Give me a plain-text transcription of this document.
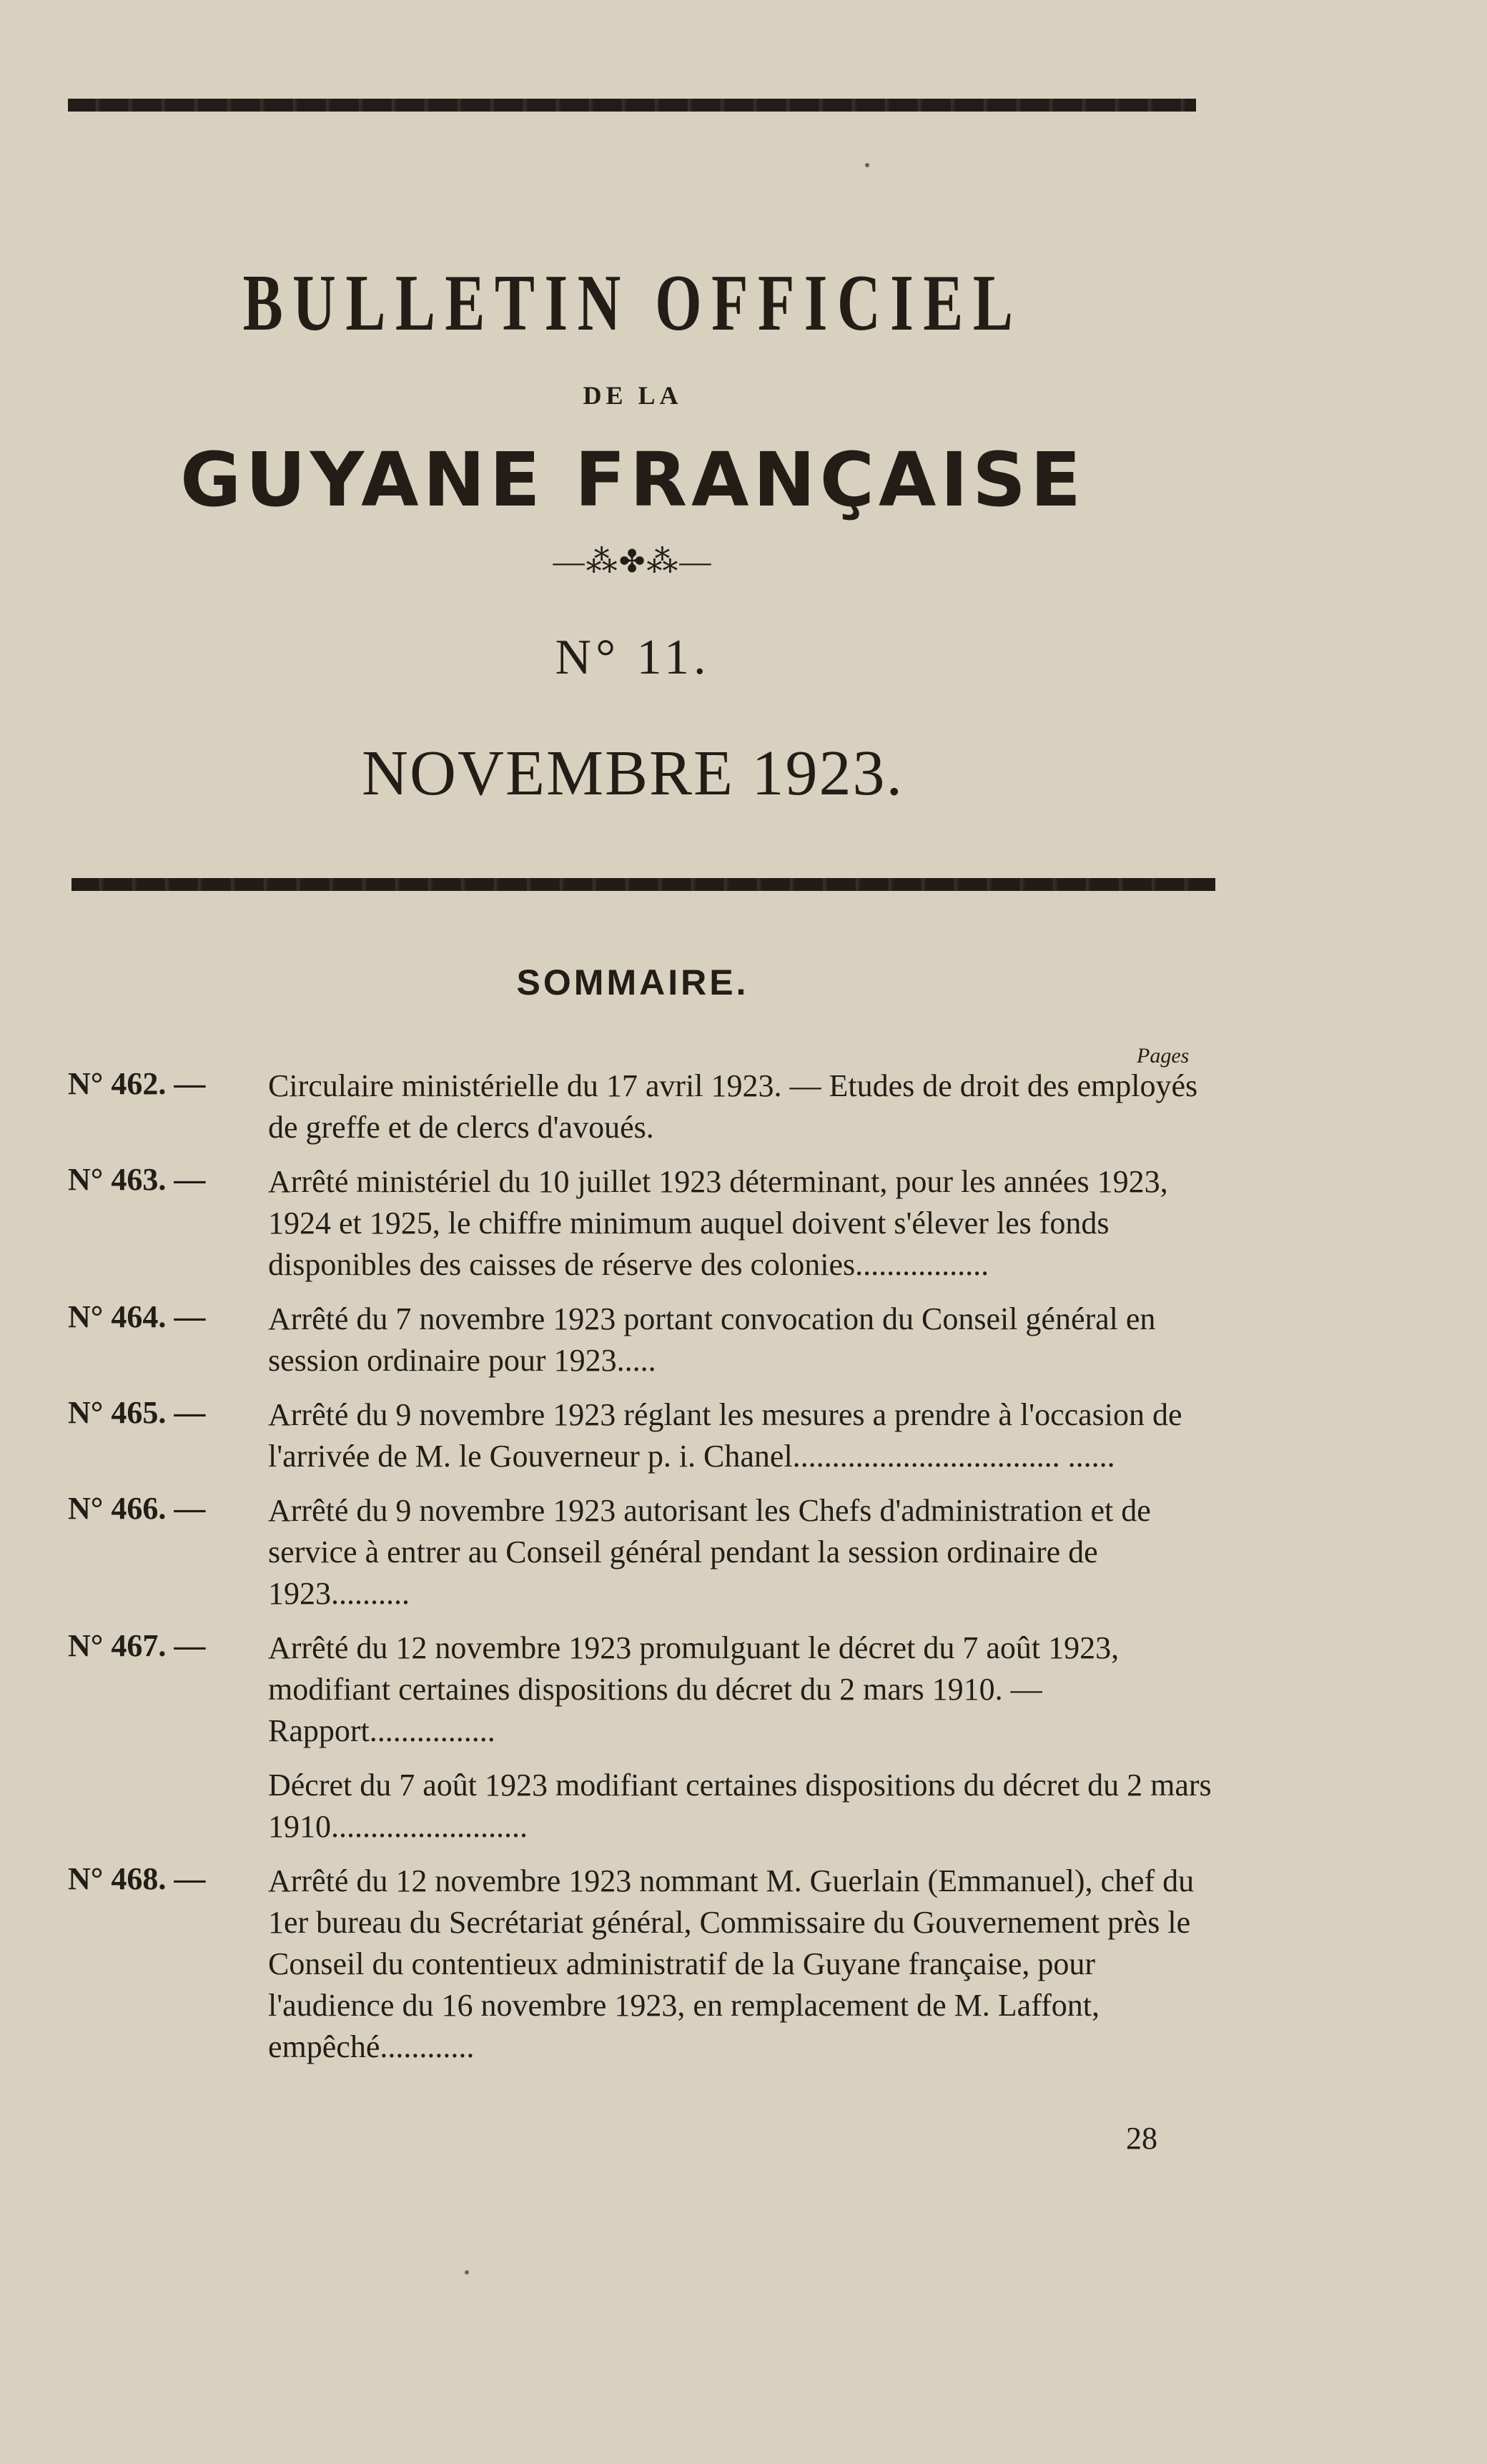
BULLETIN OFFICIEL
DE LA
GUYANE FRANÇAISE
—⁂✤⁂—
N° 11.
NOVEMBRE 1923.
SOMMAIRE.
Pages
N° 462. — Circulaire ministérielle du 17 avril 1923. — Etudes de droit des employés de greffe et de clercs d'avoués.
N° 463. — Arrêté ministériel du 10 juillet 1923 déterminant, pour les années 1923, 1924 et 1925, le chiffre minimum auquel doivent s'élever les fonds disponibles des caisses de réserve des colonies.................
N° 464. — Arrêté du 7 novembre 1923 portant convocation du Conseil général en session ordinaire pour 1923.....
N° 465. — Arrêté du 9 novembre 1923 réglant les mesures a prendre à l'occasion de l'arrivée de M. le Gouverneur p. i. Chanel.................................. ......
N° 466. — Arrêté du 9 novembre 1923 autorisant les Chefs d'administration et de service à entrer au Conseil général pendant la session ordinaire de 1923..........
N° 467. — Arrêté du 12 novembre 1923 promulguant le décret du 7 août 1923, modifiant certaines dispositions du décret du 2 mars 1910. — Rapport................
Décret du 7 août 1923 modifiant certaines dispositions du décret du 2 mars 1910.........................
N° 468. — Arrêté du 12 novembre 1923 nommant M. Guerlain (Emmanuel), chef du 1er bureau du Secrétariat général, Commissaire du Gouvernement près le Conseil du contentieux administratif de la Guyane française, pour l'audience du 16 novembre 1923, en remplacement de M. Laffont, empêché............
28
